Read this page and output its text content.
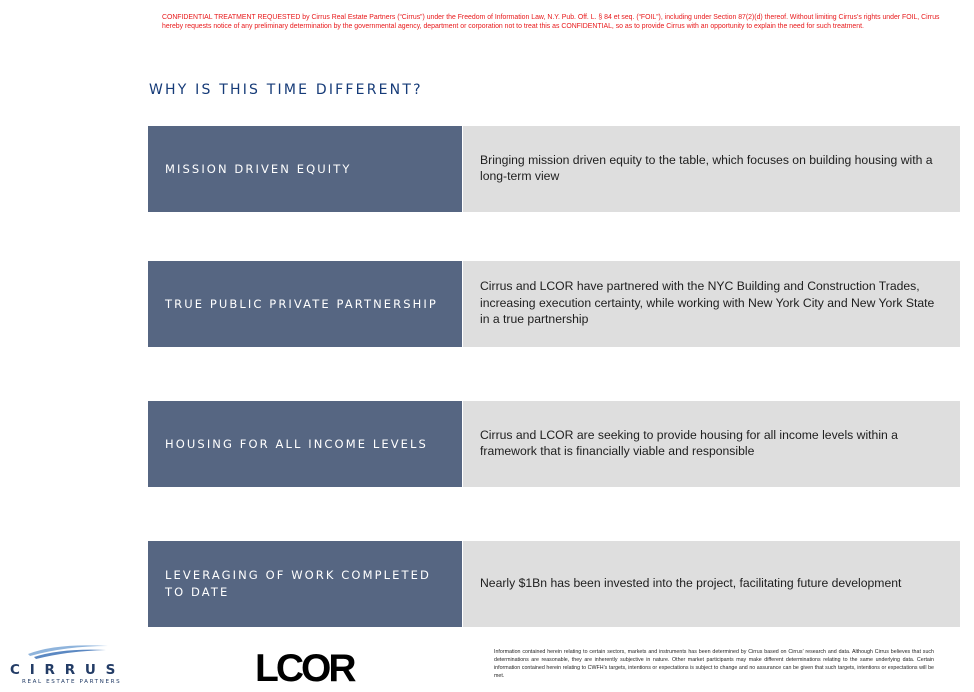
CONFIDENTIAL TREATMENT REQUESTED by Cirrus Real Estate Partners (“Cirrus”) under the Freedom of Information Law, N.Y. Pub. Off. L. § 84 et seq. (“FOIL”), including under Section 87(2)(d) thereof. Without limiting Cirrus’s rights under FOIL, Cirrus hereby requests notice of any preliminary determination by the governmental agency, department or corporation not to treat this as CONFIDENTIAL, so as to provide Cirrus with an opportunity to explain the need for such treatment.
WHY IS THIS TIME DIFFERENT?
MISSION DRIVEN EQUITY
Bringing mission driven equity to the table, which focuses on building housing with a long-term view
TRUE PUBLIC PRIVATE PARTNERSHIP
Cirrus and LCOR have partnered with the NYC Building and Construction Trades, increasing execution certainty, while working with New York City and New York State in a true partnership
HOUSING FOR ALL INCOME LEVELS
Cirrus and LCOR are seeking to provide housing for all income levels within a framework that is financially viable and responsible
LEVERAGING OF WORK COMPLETED TO DATE
Nearly $1Bn has been invested into the project, facilitating future development
CIRRUS
REAL ESTATE PARTNERS	LCOR	Information contained herein relating to certain sectors, markets and instruments has been determined by Cirrus based on Cirrus’ research and data. Although Cirrus believes that such determinations are reasonable, they are inherently subjective in nature. Other market participants may make different determinations relating to the same underlying data. Certain information contained herein relating to CWFH’s targets, intentions or expectations is subject to change and no assurance can be given that such targets, intentions or expectations will be met.
